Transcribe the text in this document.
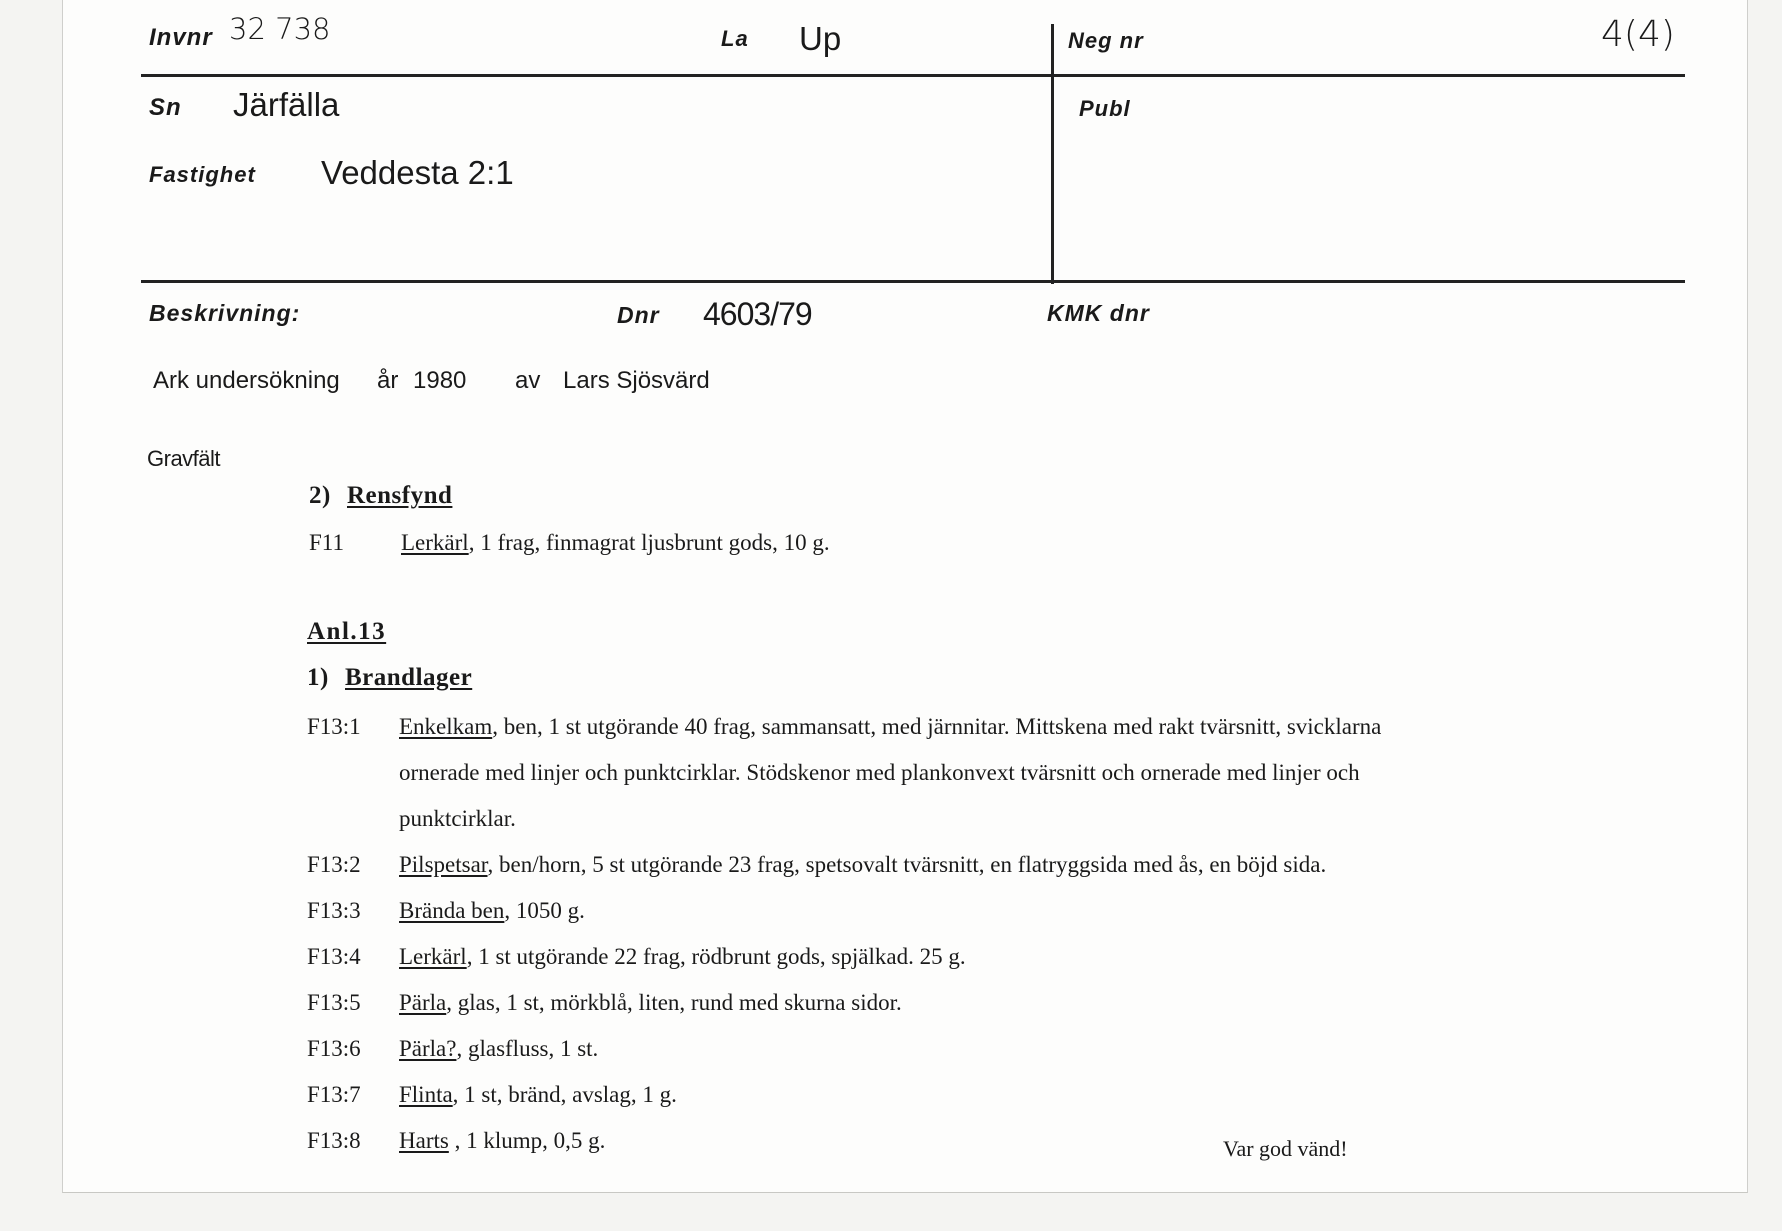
Invnr 32 738	La Up	Neg nr	4(4)
Sn Järfälla	Publ
Fastighet Veddesta 2:1
Beskrivning:	Dnr 4603/79	KMK dnr
Ark undersökning år 1980 av Lars Sjösvärd
Gravfält
2) Rensfynd
F11 Lerkärl, 1 frag, finmagrat ljusbrunt gods, 10 g.
Anl.13
1) Brandlager
F13:1 Enkelkam, ben, 1 st utgörande 40 frag, sammansatt, med järnnitar. Mittskena med rakt tvärsnitt, svicklarna
ornerade med linjer och punktcirklar. Stödskenor med plankonvext tvärsnitt och ornerade med linjer och
punktcirklar.
F13:2 Pilspetsar, ben/horn, 5 st utgörande 23 frag, spetsovalt tvärsnitt, en flatryggsida med ås, en böjd sida.
F13:3 Brända ben, 1050 g.
F13:4 Lerkärl, 1 st utgörande 22 frag, rödbrunt gods, spjälkad. 25 g.
F13:5 Pärla, glas, 1 st, mörkblå, liten, rund med skurna sidor.
F13:6 Pärla?, glasfluss, 1 st.
F13:7 Flinta, 1 st, bränd, avslag, 1 g.
F13:8 Harts , 1 klump, 0,5 g.	Var god vänd!
